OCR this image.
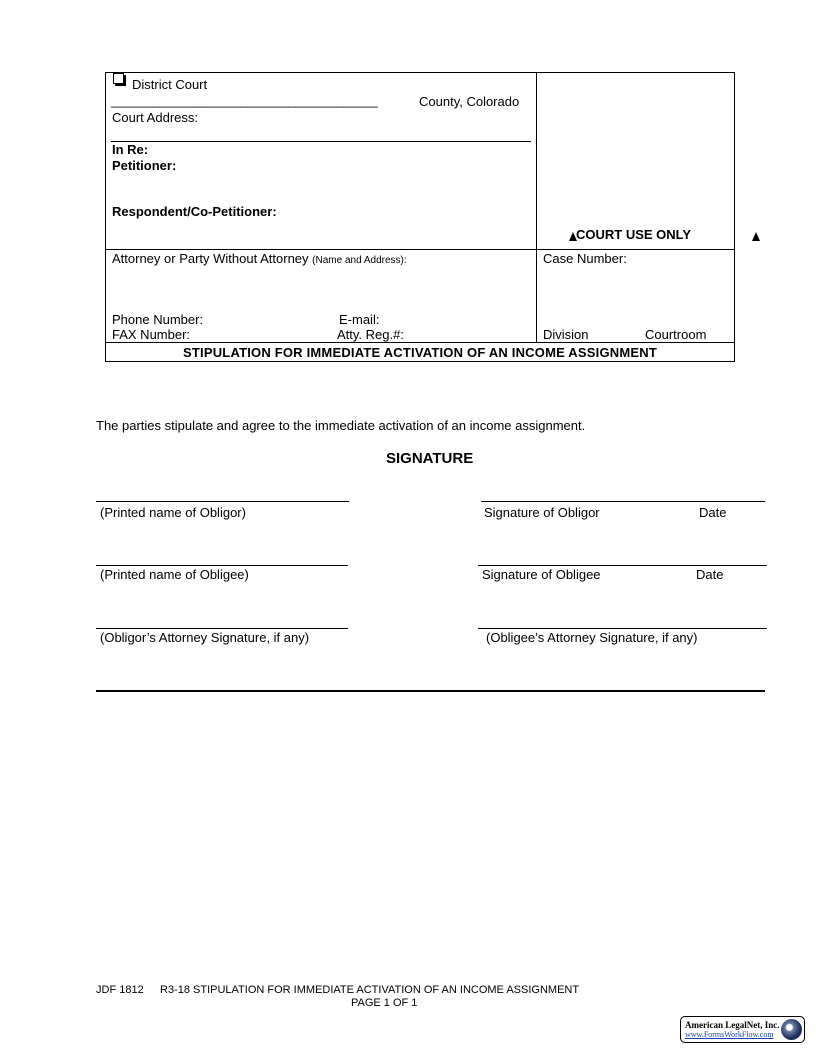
District Court
_______________________________________	County, Colorado
Court Address:
In Re:
Petitioner:
Respondent/Co-Petitioner:
COURT USE ONLY
Attorney or Party Without Attorney (Name and Address):
Phone Number:	E-mail:
FAX Number:	Atty. Reg.#:
Case Number:
Division	Courtroom
STIPULATION FOR IMMEDIATE ACTIVATION OF AN INCOME ASSIGNMENT
The parties stipulate and agree to the immediate activation of an income assignment.
SIGNATURE
(Printed name of Obligor)	Signature of Obligor	Date
(Printed name of Obligee)	Signature of Obligee	Date
(Obligor’s Attorney Signature, if any)	(Obligee’s Attorney Signature, if any)
JDF 1812 R3-18 STIPULATION FOR IMMEDIATE ACTIVATION OF AN INCOME ASSIGNMENT
PAGE 1 OF 1
American LegalNet, Inc.
www.FormsWorkFlow.com
